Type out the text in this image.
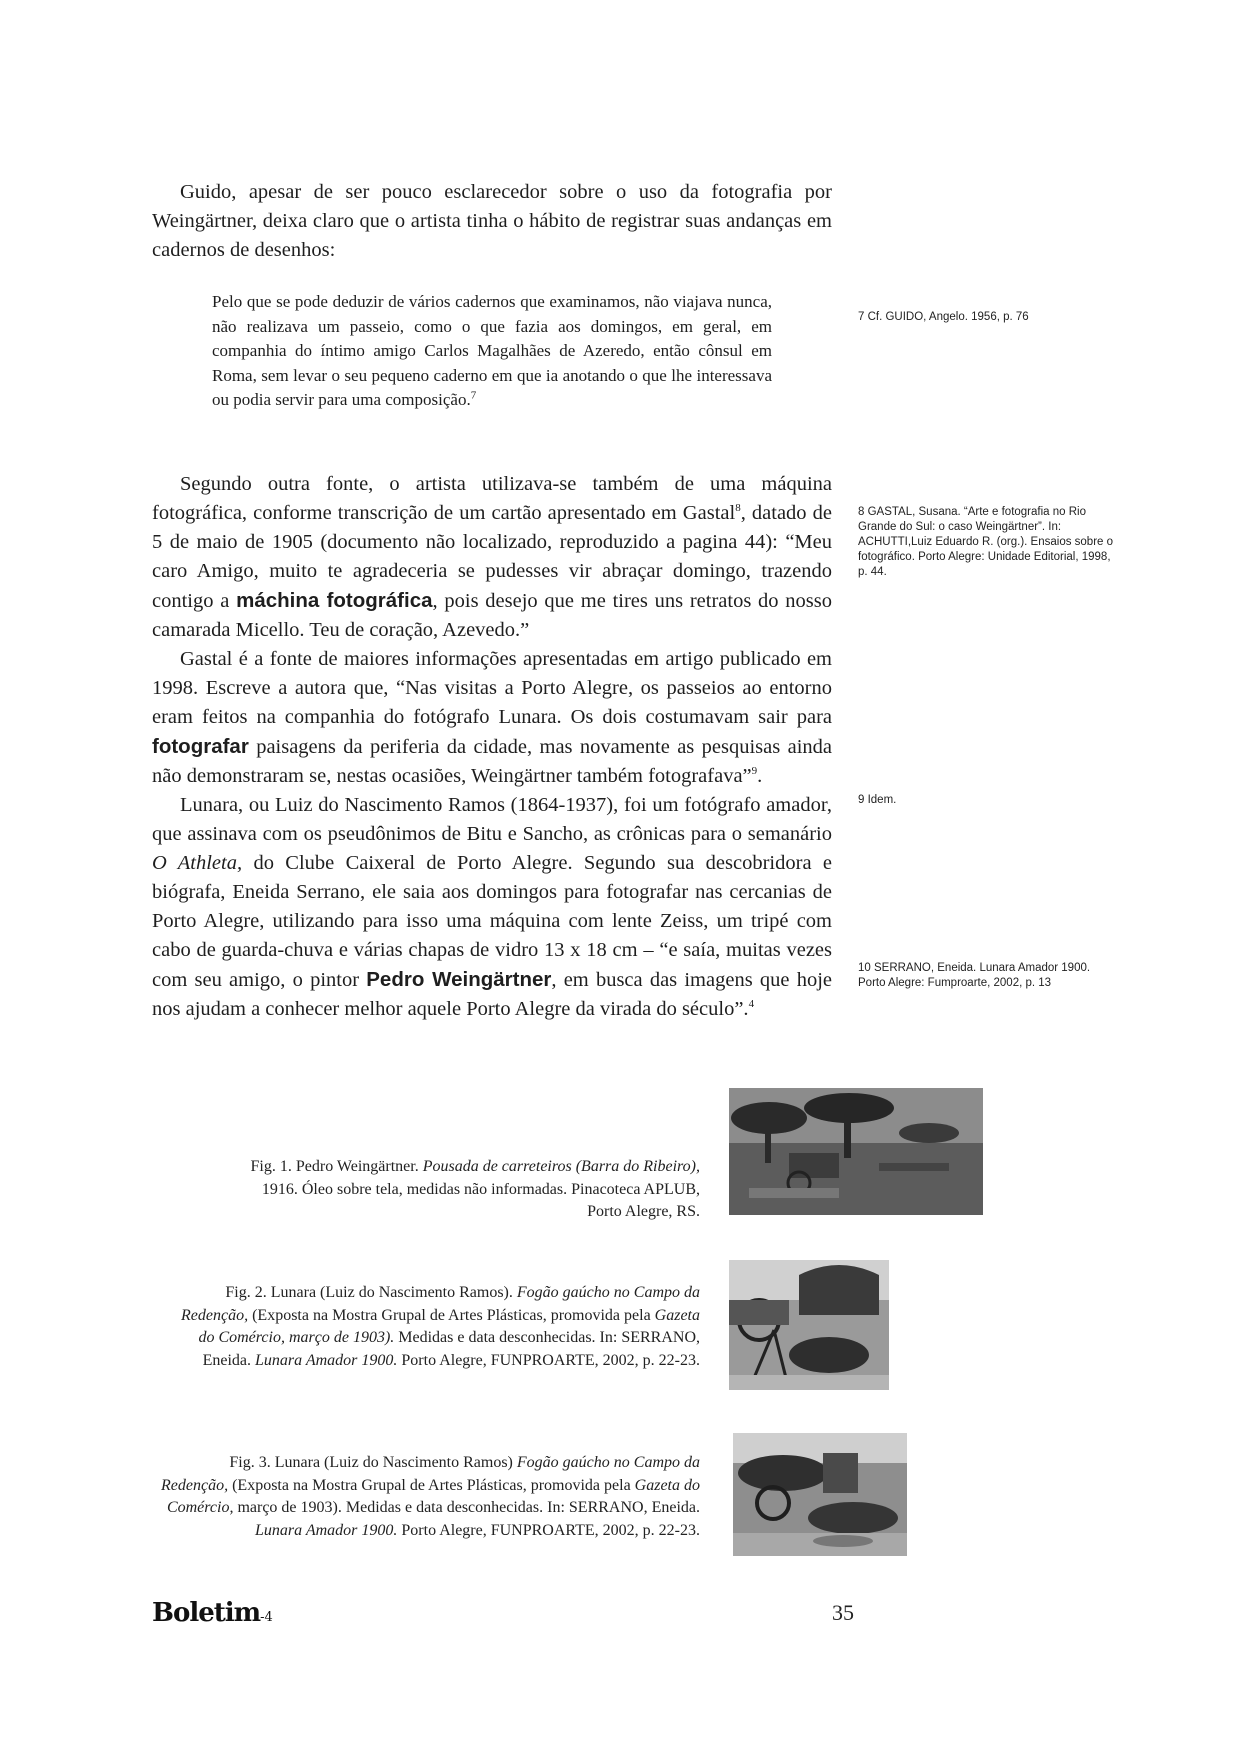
Guido, apesar de ser pouco esclarecedor sobre o uso da fotografia por Weingärtner, deixa claro que o artista tinha o hábito de registrar suas andanças em cadernos de desenhos:

Pelo que se pode deduzir de vários cadernos que examinamos, não viajava nunca, não realizava um passeio, como o que fazia aos domingos, em geral, em companhia do íntimo amigo Carlos Magalhães de Azeredo, então cônsul em Roma, sem levar o seu pequeno caderno em que ia anotando o que lhe interessava ou podia servir para uma composição.$^7$

Segundo outra fonte, o artista utilizava-se também de uma máquina fotográfica, conforme transcrição de um cartão apresentado em Gastal$^8$, datado de 5 de maio de 1905 (documento não localizado, reproduzido a pagina 44): “Meu caro Amigo, muito te agradeceria se pudesses vir abraçar domingo, trazendo contigo a máchina fotográfica, pois desejo que me tires uns retratos do nosso camarada Micello. Teu de coração, Azevedo.”

Gastal é a fonte de maiores informações apresentadas em artigo publicado em 1998. Escreve a autora que, “Nas visitas a Porto Alegre, os passeios ao entorno eram feitos na companhia do fotógrafo Lunara. Os dois costumavam sair para fotografar paisagens da periferia da cidade, mas novamente as pesquisas ainda não demonstraram se, nestas ocasiões, Weingärtner também fotografava”$^9$.

Lunara, ou Luiz do Nascimento Ramos (1864-1937), foi um fotógrafo amador, que assinava com os pseudônimos de Bitu e Sancho, as crônicas para o semanário O Athleta, do Clube Caixeral de Porto Alegre. Segundo sua descobridora e biógrafa, Eneida Serrano, ele saia aos domingos para fotografar nas cercanias de Porto Alegre, utilizando para isso uma máquina com lente Zeiss, um tripé com cabo de guarda-chuva e várias chapas de vidro 13 x 18 cm – “e saía, muitas vezes com seu amigo, o pintor Pedro Weingärtner, em busca das imagens que hoje nos ajudam a conhecer melhor aquele Porto Alegre da virada do século”.$^4$

7 Cf. GUIDO, Angelo. 1956, p. 76
8 GASTAL, Susana. “Arte e fotografia no Rio Grande do Sul: o caso Weingärtner”. In: ACHUTTI,Luiz Eduardo R. (org.). Ensaios sobre o fotográfico. Porto Alegre: Unidade Editorial, 1998, p. 44.
9 Idem.
10 SERRANO, Eneida. Lunara Amador 1900. Porto Alegre: Fumproarte, 2002, p. 13
Fig. 1. Pedro Weingärtner. Pousada de carreteiros (Barra do Ribeiro), 1916. Óleo sobre tela, medidas não informadas. Pinacoteca APLUB, Porto Alegre, RS.
Fig. 2. Lunara (Luiz do Nascimento Ramos). Fogão gaúcho no Campo da Redenção, (Exposta na Mostra Grupal de Artes Plásticas, promovida pela Gazeta do Comércio, março de 1903). Medidas e data desconhecidas. In: SERRANO, Eneida. Lunara Amador 1900. Porto Alegre, FUNPROARTE, 2002, p. 22-23.
Fig. 3. Lunara (Luiz do Nascimento Ramos) Fogão gaúcho no Campo da Redenção, (Exposta na Mostra Grupal de Artes Plásticas, promovida pela Gazeta do Comércio, março de 1903). Medidas e data desconhecidas. In: SERRANO, Eneida. Lunara Amador 1900. Porto Alegre, FUNPROARTE, 2002, p. 22-23.
Boletim-4	35
